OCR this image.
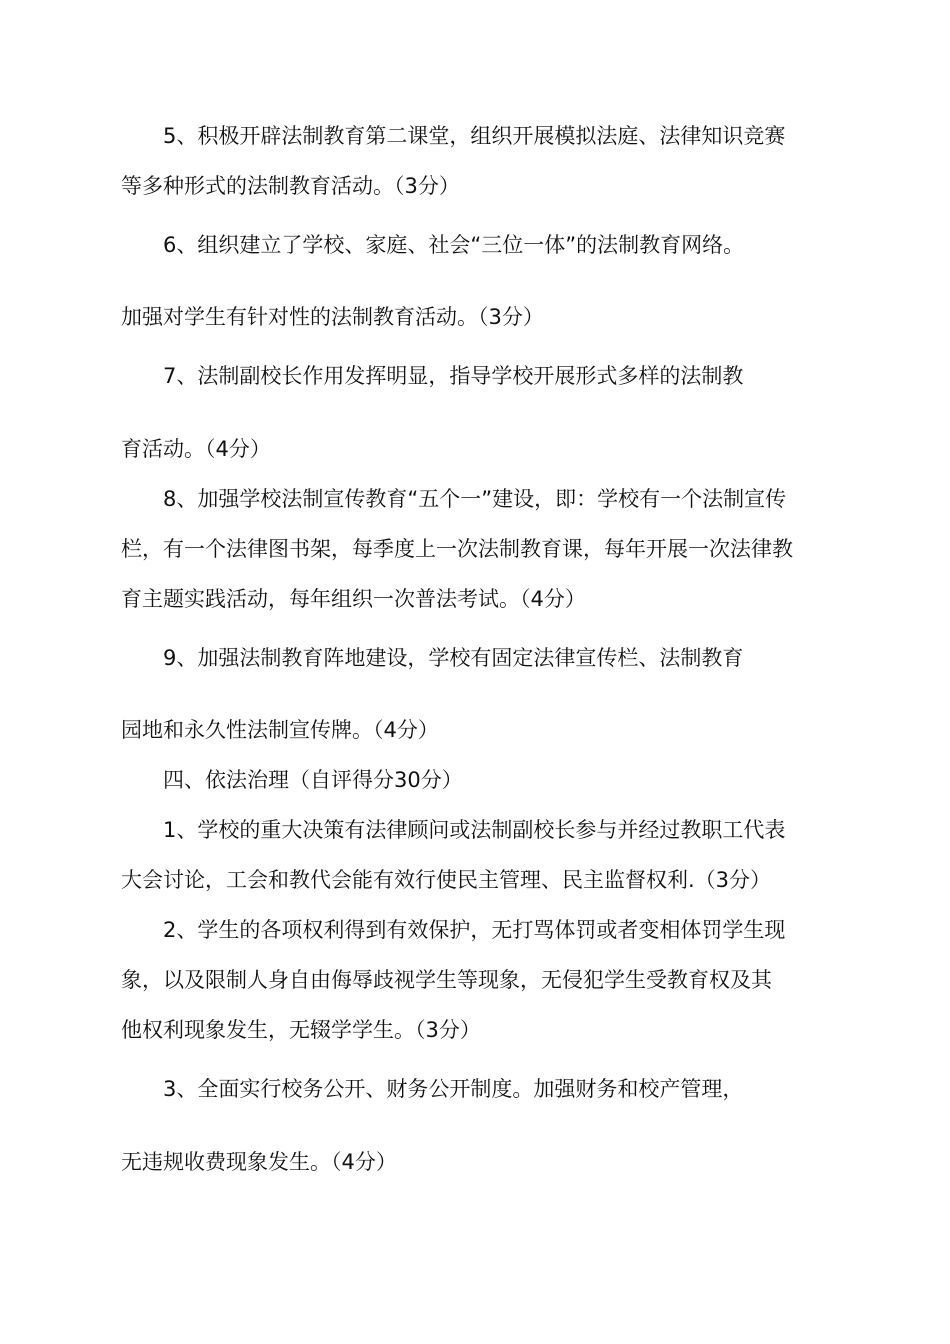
5、积极开辟法制教育第二课堂，组织开展模拟法庭、法律知识竞赛
等多种形式的法制教育活动。（3分）
6、组织建立了学校、家庭、社会“三位一体”的法制教育网络。
加强对学生有针对性的法制教育活动。（3分）
7、法制副校长作用发挥明显，指导学校开展形式多样的法制教
育活动。（4分）
8、加强学校法制宣传教育“五个一”建设，即：学校有一个法制宣传
栏，有一个法律图书架，每季度上一次法制教育课，每年开展一次法律教
育主题实践活动，每年组织一次普法考试。（4分）
9、加强法制教育阵地建设，学校有固定法律宣传栏、法制教育
园地和永久性法制宣传牌。（4分）
四、依法治理（自评得分30分）
1、学校的重大决策有法律顾问或法制副校长参与并经过教职工代表
大会讨论，工会和教代会能有效行使民主管理、民主监督权利.（3分）
2、学生的各项权利得到有效保护，无打骂体罚或者变相体罚学生现
象，以及限制人身自由侮辱歧视学生等现象，无侵犯学生受教育权及其
他权利现象发生，无辍学学生。（3分）
3、全面实行校务公开、财务公开制度。加强财务和校产管理，
无违规收费现象发生。（4分）
